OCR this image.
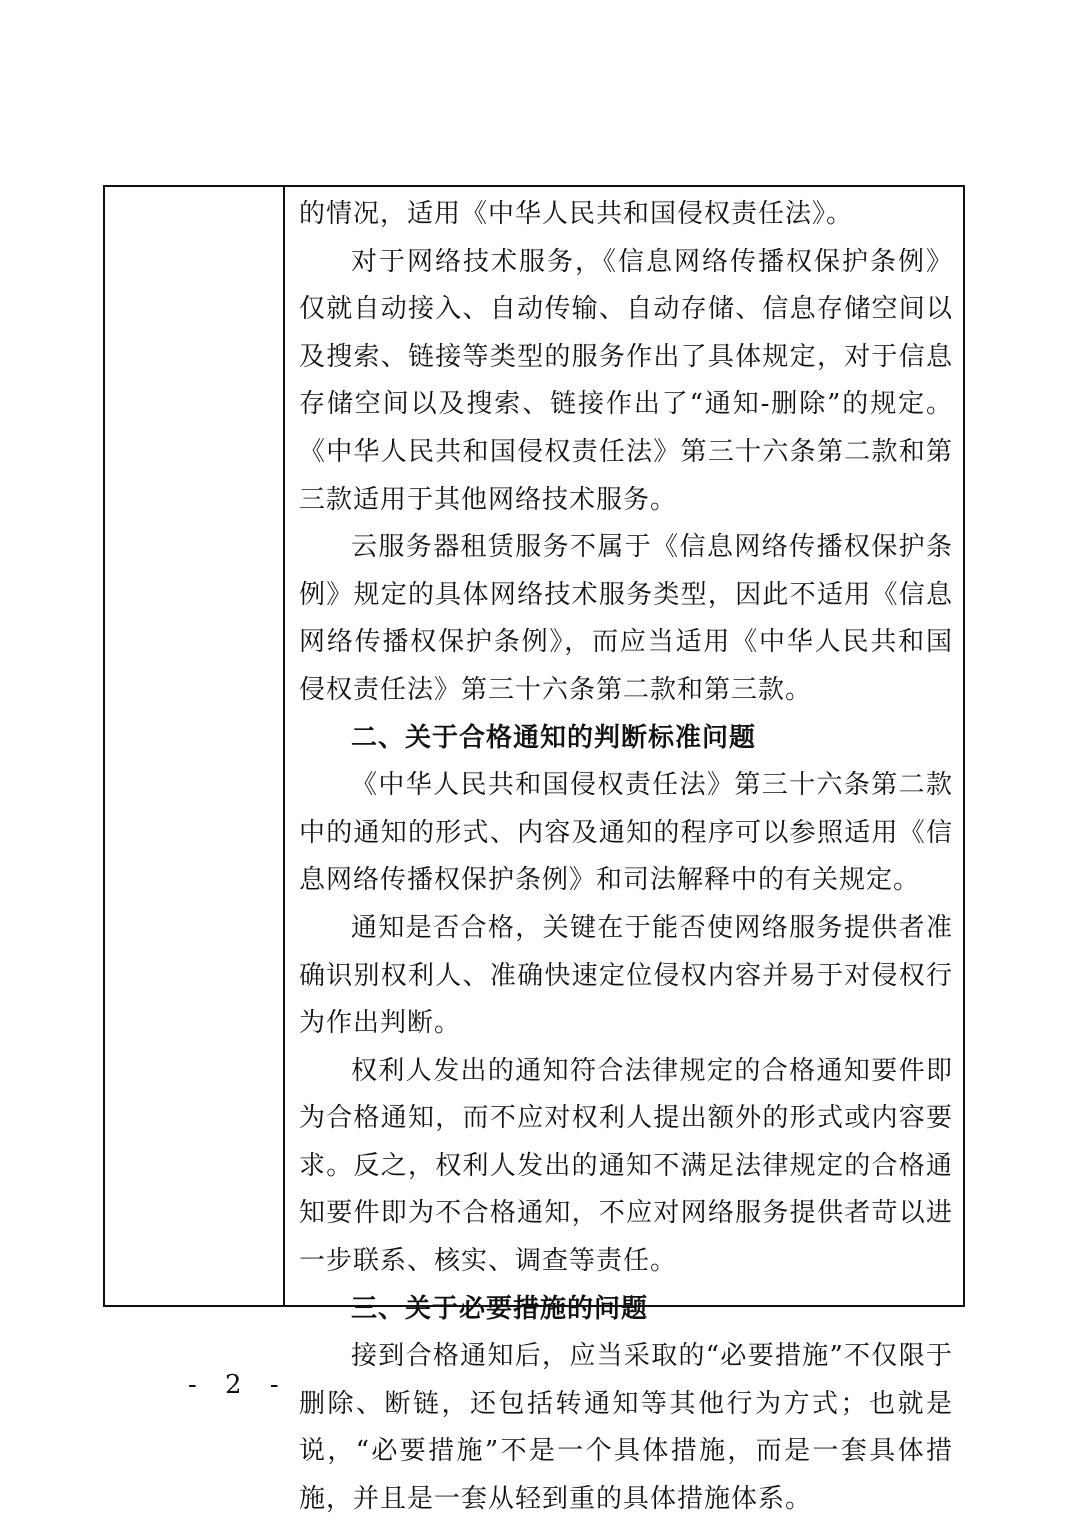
的情况，适用《中华人民共和国侵权责任法》。

对于网络技术服务，《信息网络传播权保护条例》仅就自动接入、自动传输、自动存储、信息存储空间以及搜索、链接等类型的服务作出了具体规定，对于信息存储空间以及搜索、链接作出了“通知-删除”的规定。《中华人民共和国侵权责任法》第三十六条第二款和第三款适用于其他网络技术服务。

云服务器租赁服务不属于《信息网络传播权保护条例》规定的具体网络技术服务类型，因此不适用《信息网络传播权保护条例》，而应当适用《中华人民共和国侵权责任法》第三十六条第二款和第三款。

二、关于合格通知的判断标准问题

《中华人民共和国侵权责任法》第三十六条第二款中的通知的形式、内容及通知的程序可以参照适用《信息网络传播权保护条例》和司法解释中的有关规定。

通知是否合格，关键在于能否使网络服务提供者准确识别权利人、准确快速定位侵权内容并易于对侵权行为作出判断。

权利人发出的通知符合法律规定的合格通知要件即为合格通知，而不应对权利人提出额外的形式或内容要求。反之，权利人发出的通知不满足法律规定的合格通知要件即为不合格通知，不应对网络服务提供者苛以进一步联系、核实、调查等责任。

三、关于必要措施的问题

接到合格通知后，应当采取的“必要措施”不仅限于删除、断链，还包括转通知等其他行为方式；也就是说，“必要措施”不是一个具体措施，而是一套具体措施，并且是一套从轻到重的具体措施体系。

- 2 -
